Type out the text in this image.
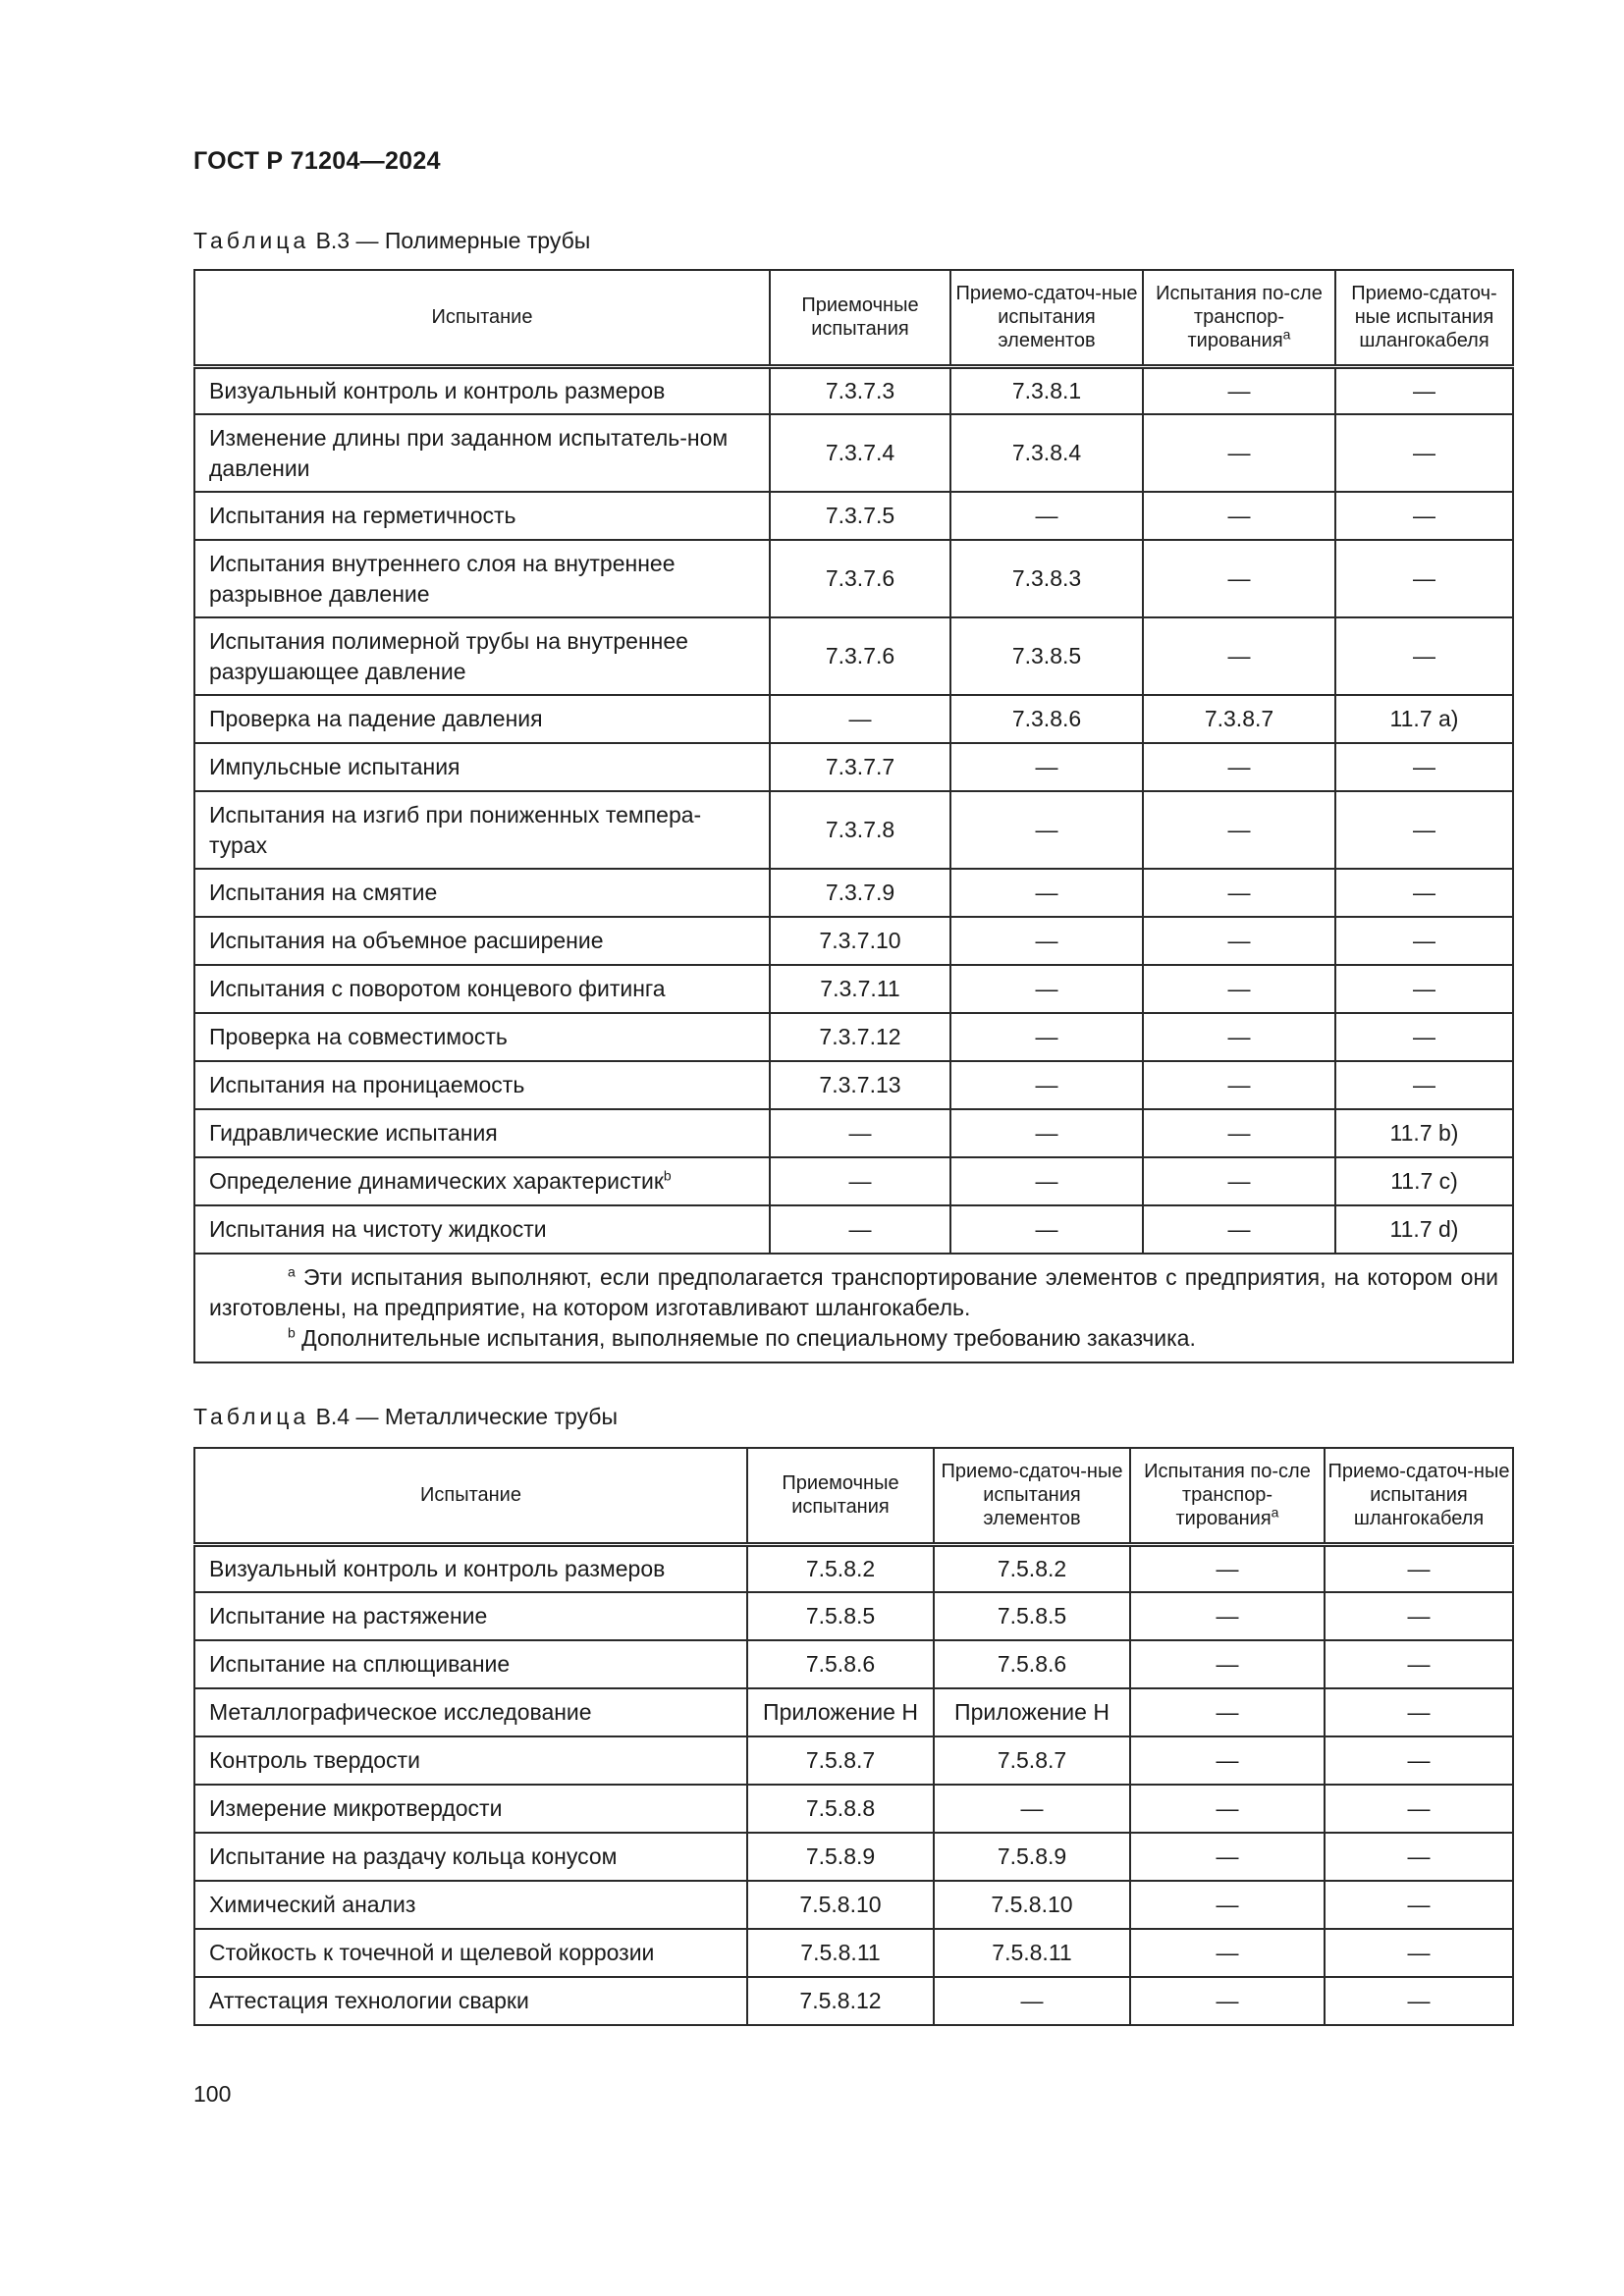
ГОСТ Р 71204—2024
Таблица В.3 — Полимерные трубы
Испытание	Приемочные испытания	Приемо-сдаточ-ные испытания элементов	Испытания по-сле транспор-тирования$^a$	Приемо-сдаточ-ные испытания шлангокабеля
Визуальный контроль и контроль размеров	7.3.7.3	7.3.8.1	—	—
Изменение длины при заданном испытатель-ном давлении	7.3.7.4	7.3.8.4	—	—
Испытания на герметичность	7.3.7.5	—	—	—
Испытания внутреннего слоя на внутреннее разрывное давление	7.3.7.6	7.3.8.3	—	—
Испытания полимерной трубы на внутреннее разрушающее давление	7.3.7.6	7.3.8.5	—	—
Проверка на падение давления	—	7.3.8.6	7.3.8.7	11.7 a)
Импульсные испытания	7.3.7.7	—	—	—
Испытания на изгиб при пониженных темпера-турах	7.3.7.8	—	—	—
Испытания на смятие	7.3.7.9	—	—	—
Испытания на объемное расширение	7.3.7.10	—	—	—
Испытания с поворотом концевого фитинга	7.3.7.11	—	—	—
Проверка на совместимость	7.3.7.12	—	—	—
Испытания на проницаемость	7.3.7.13	—	—	—
Гидравлические испытания	—	—	—	11.7 b)
Определение динамических характеристик$^b$	—	—	—	11.7 c)
Испытания на чистоту жидкости	—	—	—	11.7 d)

$^a$ Эти испытания выполняют, если предполагается транспортирование элементов с предприятия, на котором они изготовлены, на предприятие, на котором изготавливают шлангокабель.
$^b$ Дополнительные испытания, выполняемые по специальному требованию заказчика.				
Таблица В.4 — Металлические трубы
Испытание	Приемочные испытания	Приемо-сдаточ-ные испытания элементов	Испытания по-сле транспор-тирования$^a$	Приемо-сдаточ-ные испытания шлангокабеля
Визуальный контроль и контроль размеров	7.5.8.2	7.5.8.2	—	—
Испытание на растяжение	7.5.8.5	7.5.8.5	—	—
Испытание на сплющивание	7.5.8.6	7.5.8.6	—	—
Металлографическое исследование	Приложение Н	Приложение Н	—	—
Контроль твердости	7.5.8.7	7.5.8.7	—	—
Измерение микротвердости	7.5.8.8	—	—	—
Испытание на раздачу кольца конусом	7.5.8.9	7.5.8.9	—	—
Химический анализ	7.5.8.10	7.5.8.10	—	—
Стойкость к точечной и щелевой коррозии	7.5.8.11	7.5.8.11	—	—
Аттестация технологии сварки	7.5.8.12	—	—	—
100
